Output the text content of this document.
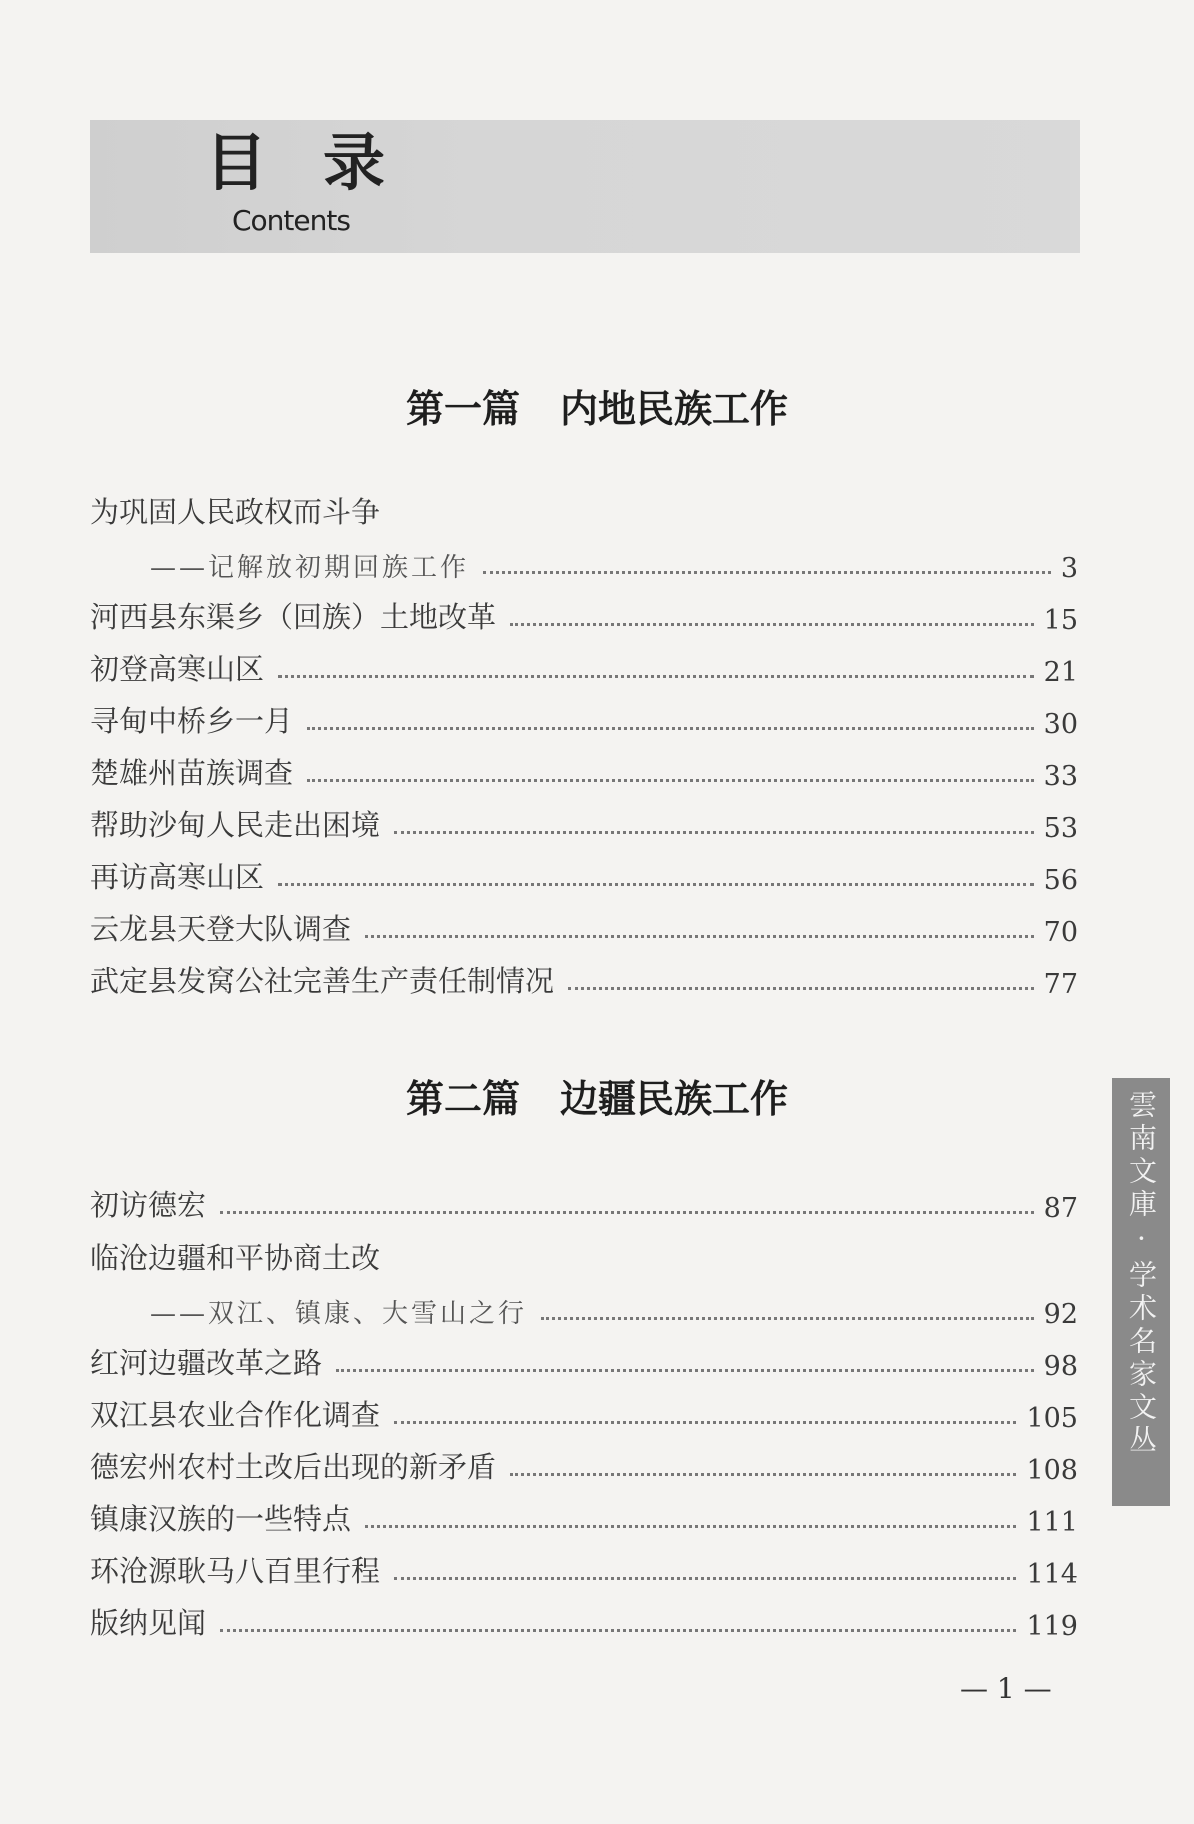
目录
Contents
第一篇 内地民族工作
为巩固人民政权而斗争
——记解放初期回族工作	3
河西县东渠乡（回族）土地改革	15
初登高寒山区	21
寻甸中桥乡一月	30
楚雄州苗族调查	33
帮助沙甸人民走出困境	53
再访高寒山区	56
云龙县天登大队调查	70
武定县发窝公社完善生产责任制情况	77
第二篇 边疆民族工作
初访德宏	87
临沧边疆和平协商土改
——双江、镇康、大雪山之行	92
红河边疆改革之路	98
双江县农业合作化调查	105
德宏州农村土改后出现的新矛盾	108
镇康汉族的一些特点	111
环沧源耿马八百里行程	114
版纳见闻	119
雲南文庫·学术名家文丛
— 1 —
